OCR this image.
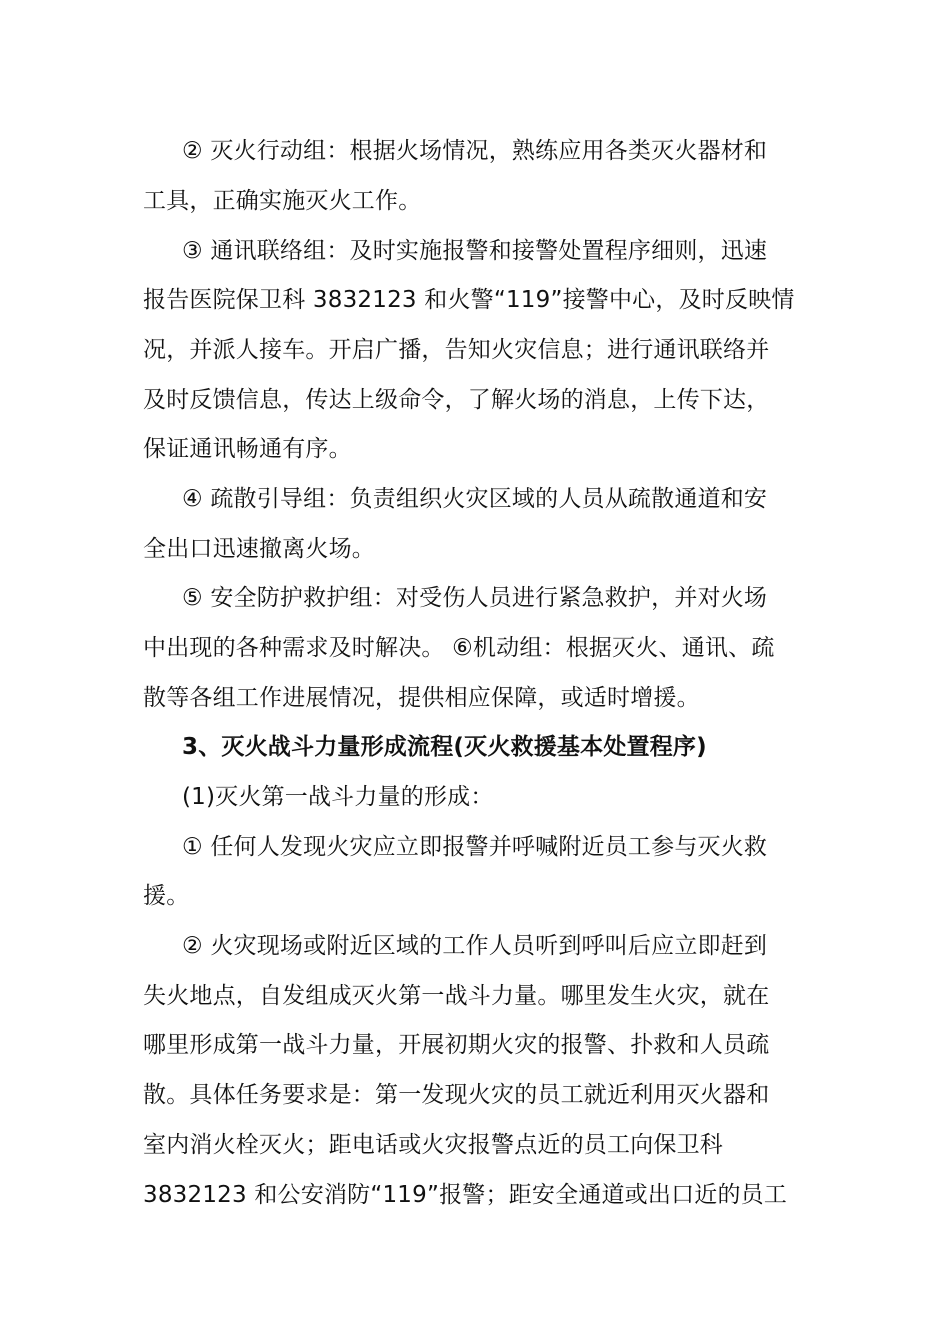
② 灭火行动组：根据火场情况，熟练应用各类灭火器材和
工具，正确实施灭火工作。
③ 通讯联络组：及时实施报警和接警处置程序细则，迅速
报告医院保卫科 3832123 和火警“119”接警中心，及时反映情
况，并派人接车。开启广播，告知火灾信息；进行通讯联络并
及时反馈信息，传达上级命令，了解火场的消息，上传下达，
保证通讯畅通有序。
④ 疏散引导组：负责组织火灾区域的人员从疏散通道和安
全出口迅速撤离火场。
⑤ 安全防护救护组：对受伤人员进行紧急救护，并对火场
中出现的各种需求及时解决。 ⑥机动组：根据灭火、通讯、疏
散等各组工作进展情况，提供相应保障，或适时增援。
3、灭火战斗力量形成流程(灭火救援基本处置程序)
(1)灭火第一战斗力量的形成：
① 任何人发现火灾应立即报警并呼喊附近员工参与灭火救
援。
② 火灾现场或附近区域的工作人员听到呼叫后应立即赶到
失火地点，自发组成灭火第一战斗力量。哪里发生火灾，就在
哪里形成第一战斗力量，开展初期火灾的报警、扑救和人员疏
散。具体任务要求是：第一发现火灾的员工就近利用灭火器和
室内消火栓灭火；距电话或火灾报警点近的员工向保卫科
3832123 和公安消防“119”报警；距安全通道或出口近的员工
